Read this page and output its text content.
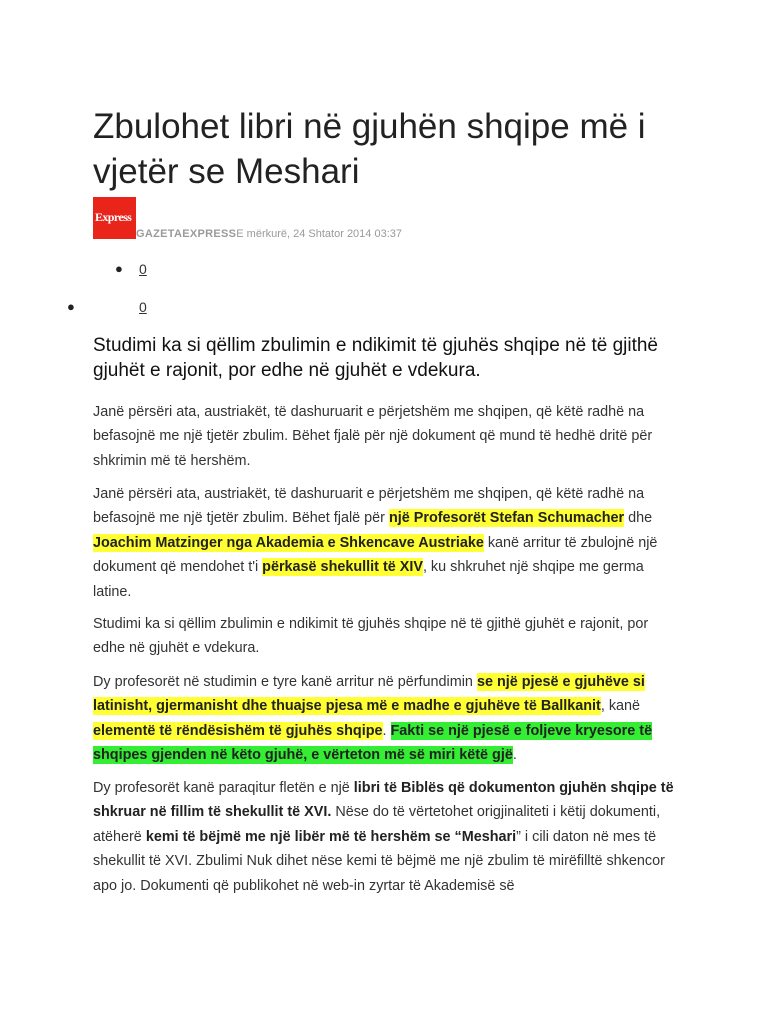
Zbulohet libri në gjuhën shqipe më i vjetër se Meshari
Express
GAZETAEXPRESSE mërkurë, 24 Shtator 2014 03:37
● 0
●	0

Studimi ka si qëllim zbulimin e ndikimit të gjuhës shqipe në të gjithë gjuhët e rajonit, por edhe në gjuhët e vdekura.

Janë përsëri ata, austriakët, të dashuruarit e përjetshëm me shqipen, që këtë radhë na befasojnë me një tjetër zbulim. Bëhet fjalë për një dokument që mund të hedhë dritë për shkrimin më të hershëm.

Janë përsëri ata, austriakët, të dashuruarit e përjetshëm me shqipen, që këtë radhë na befasojnë me një tjetër zbulim. Bëhet fjalë për një Profesorët Stefan Schumacher dhe Joachim Matzinger nga Akademia e Shkencave Austriake kanë arritur të zbulojnë një dokument që mendohet t'i përkasë shekullit të XIV, ku shkruhet një shqipe me germa latine.

Studimi ka si qëllim zbulimin e ndikimit të gjuhës shqipe në të gjithë gjuhët e rajonit, por edhe në gjuhët e vdekura.

Dy profesorët në studimin e tyre kanë arritur në përfundimin se një pjesë e gjuhëve si latinisht, gjermanisht dhe thuajse pjesa më e madhe e gjuhëve të Ballkanit, kanë elementë të rëndësishëm të gjuhës shqipe. Fakti se një pjesë e foljeve kryesore të shqipes gjenden në këto gjuhë, e vërteton më së miri këtë gjë.

Dy profesorët kanë paraqitur fletën e një libri të Biblës që dokumenton gjuhën shqipe të shkruar në fillim të shekullit të XVI. Nëse do të vërtetohet origjinaliteti i këtij dokumenti, atëherë kemi të bëjmë me një libër më të hershëm se “Meshari” i cili daton në mes të shekullit të XVI. Zbulimi Nuk dihet nëse kemi të bëjmë me një zbulim të mirëfilltë shkencor apo jo. Dokumenti që publikohet në web-in zyrtar të Akademisë së
